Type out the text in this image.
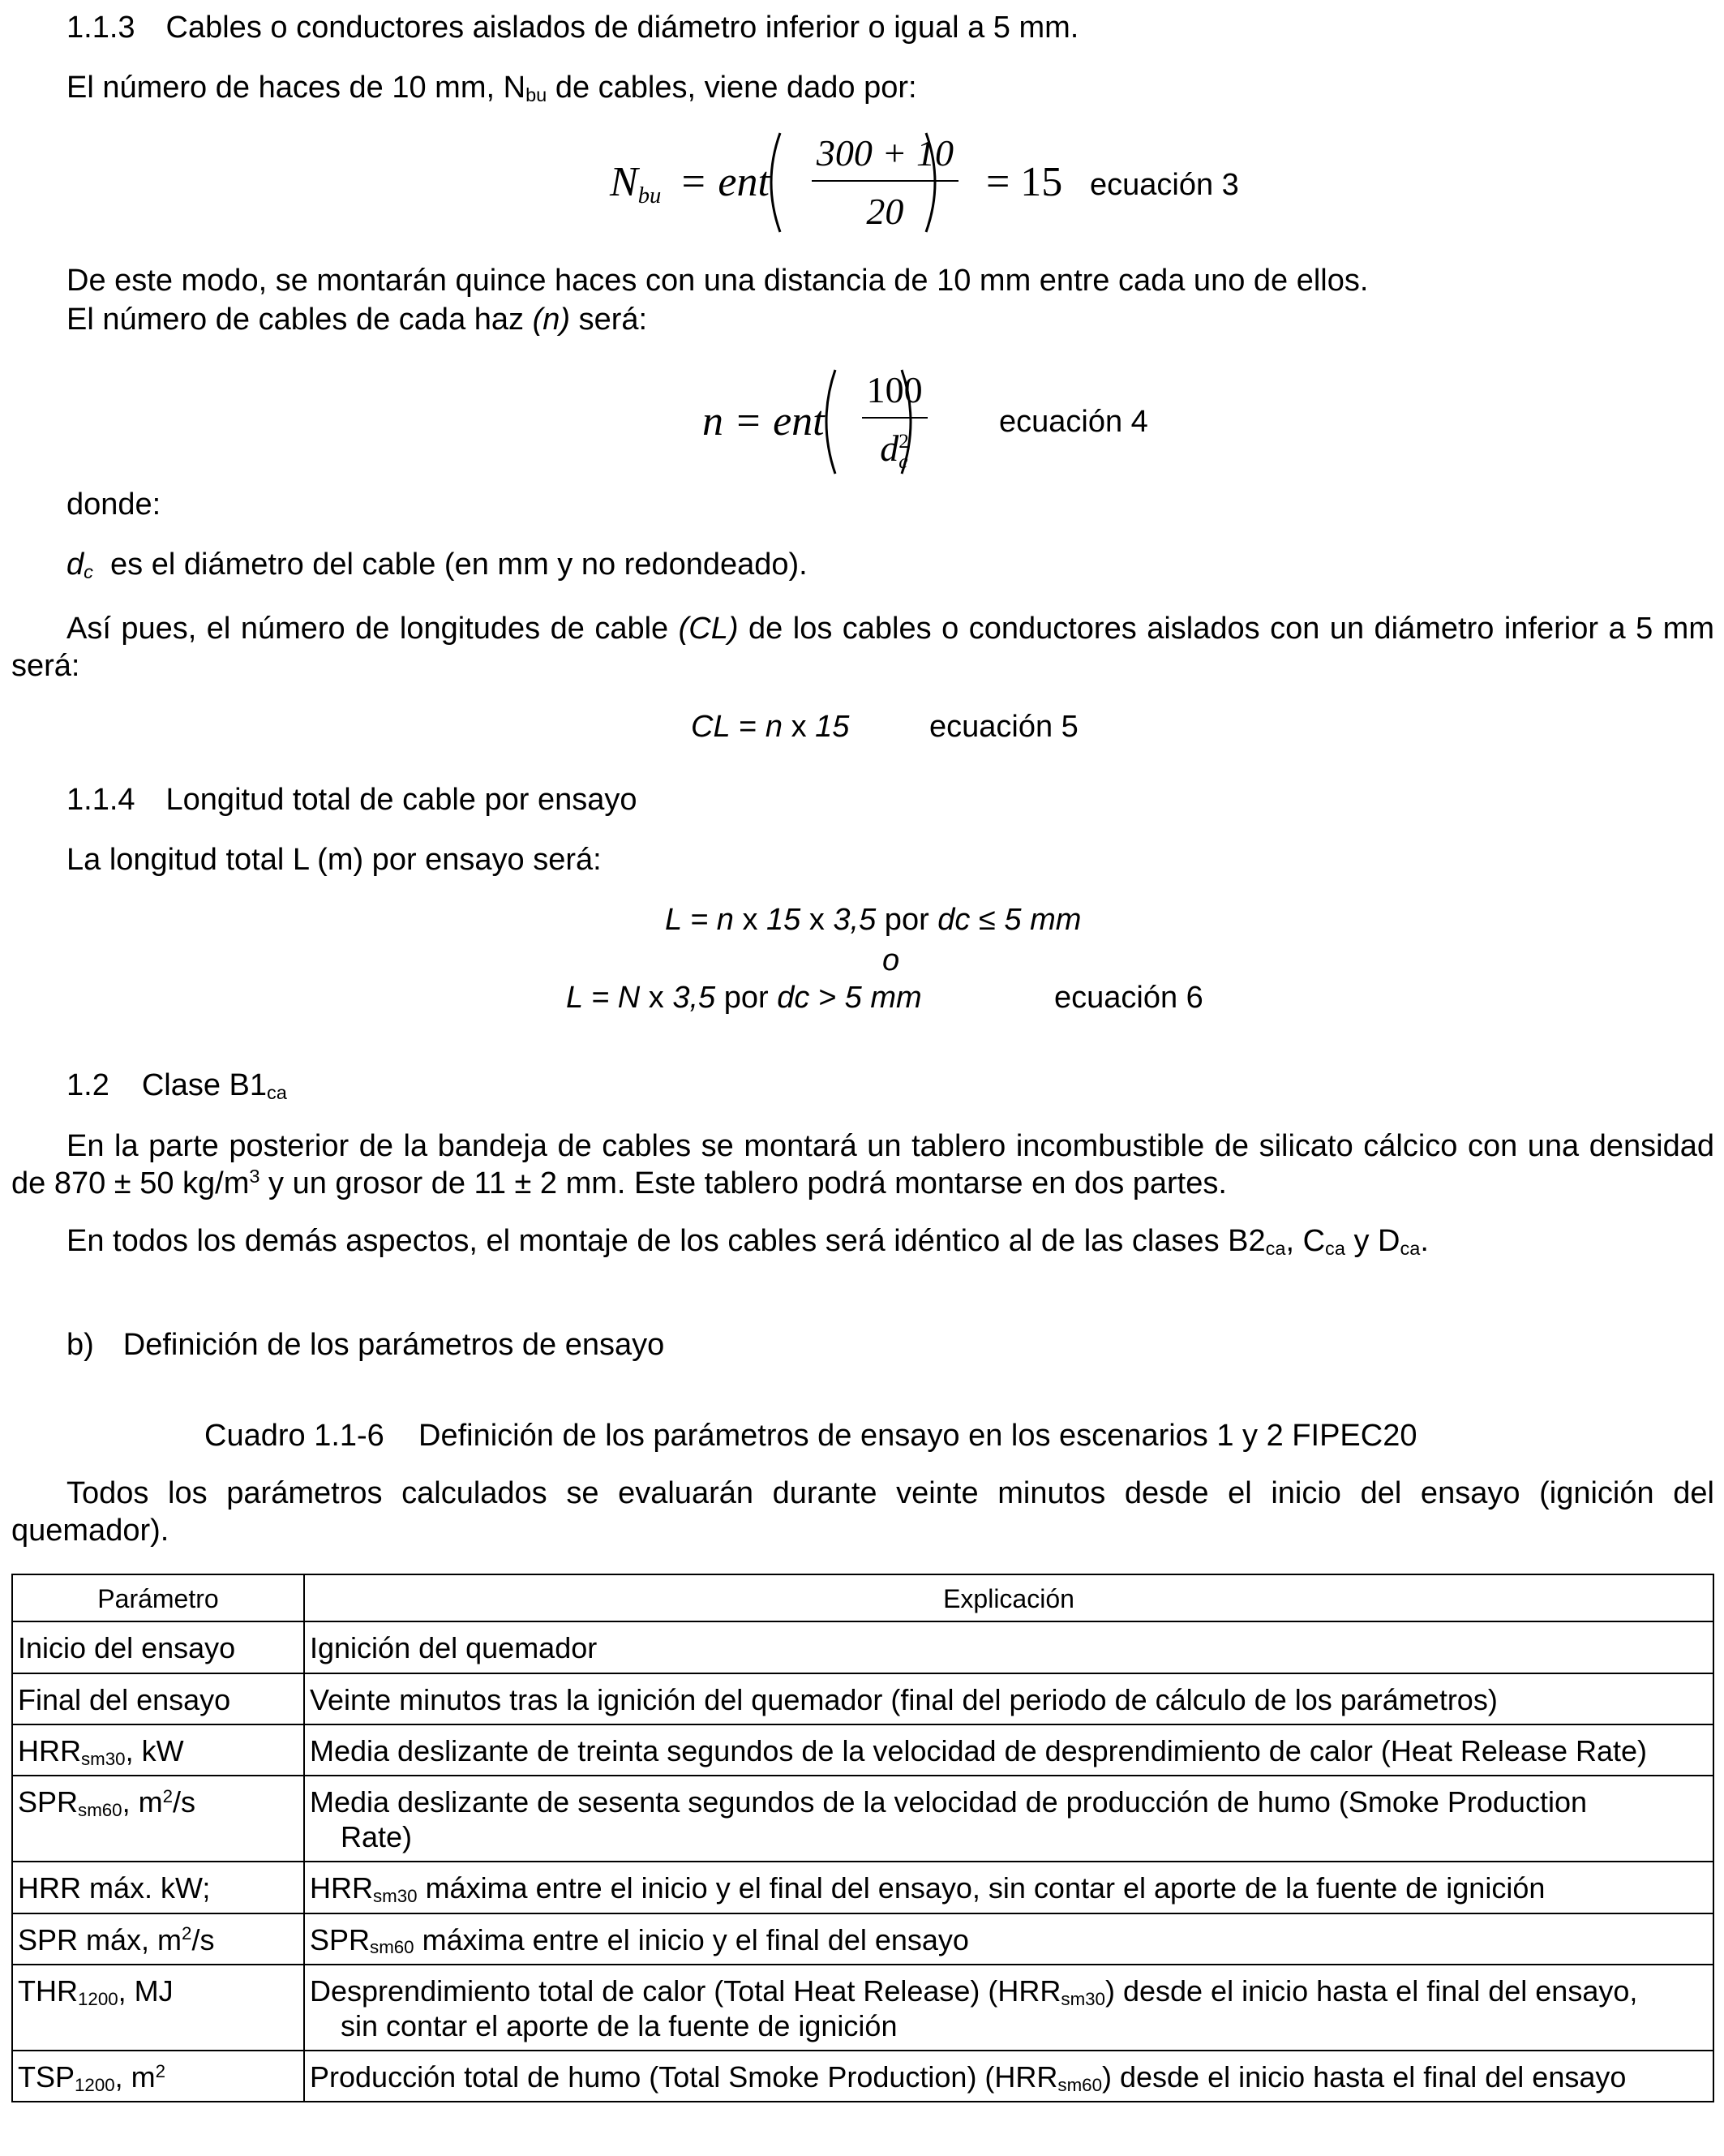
1.1.3 Cables o conductores aislados de diámetro inferior o igual a 5 mm.
El número de haces de 10 mm, Nbu de cables, viene dado por:
Nbu = ent $\frac{300 + 10}{20} = 15$ ecuación 3
De este modo, se montarán quince haces con una distancia de 10 mm entre cada uno de ellos.
El número de cables de cada haz (n) será:
n = ent 100
d 2
c ecuación 4
donde:
dc  es el diámetro del cable (en mm y no redondeado).
Así pues, el número de longitudes de cable (CL) de los cables o conductores aislados con un diámetro inferior a 5 mm será:
CL = n x 15	ecuación 5
1.1.4 Longitud total de cable por ensayo
La longitud total L (m) por ensayo será:
L = n x 15 x 3,5 por dc ≤ 5 mm
o
L = N x 3,5 por dc > 5 mm	ecuación 6
1.2 Clase B1ca
En la parte posterior de la bandeja de cables se montará un tablero incombustible de silicato cálcico con una densidad de 870 ± 50 $kg/m^3$ y un grosor de 11 ± 2 mm. Este tablero podrá montarse en dos partes.
En todos los demás aspectos, el montaje de los cables será idéntico al de las clases B2ca, Cca y Dca.
b) Definición de los parámetros de ensayo
Cuadro 1.1-6    Definición de los parámetros de ensayo en los escenarios 1 y 2 FIPEC20
Todos los parámetros calculados se evaluarán durante veinte minutos desde el inicio del ensayo (ignición del quemador).
Parámetro	Explicación
Inicio del ensayo	Ignición del quemador
Final del ensayo	Veinte minutos tras la ignición del quemador (final del periodo de cálculo de los parámetros)
HRRsm30, kW	Media deslizante de treinta segundos de la velocidad de desprendimiento de calor (Heat Release Rate)
SPRsm60, $m^2/s$	Media deslizante de sesenta segundos de la velocidad de producción de humo (Smoke Production
Rate)

HRR máx. kW;	HRRsm30 máxima entre el inicio y el final del ensayo, sin contar el aporte de la fuente de ignición
SPR máx, $m^2/s$	SPRsm60 máxima entre el inicio y el final del ensayo
THR1200, MJ	Desprendimiento total de calor (Total Heat Release) (HRRsm30) desde el inicio hasta el final del ensayo,
sin contar el aporte de la fuente de ignición

TSP1200, $m^2$	Producción total de humo (Total Smoke Production) (HRRsm60) desde el inicio hasta el final del ensayo
